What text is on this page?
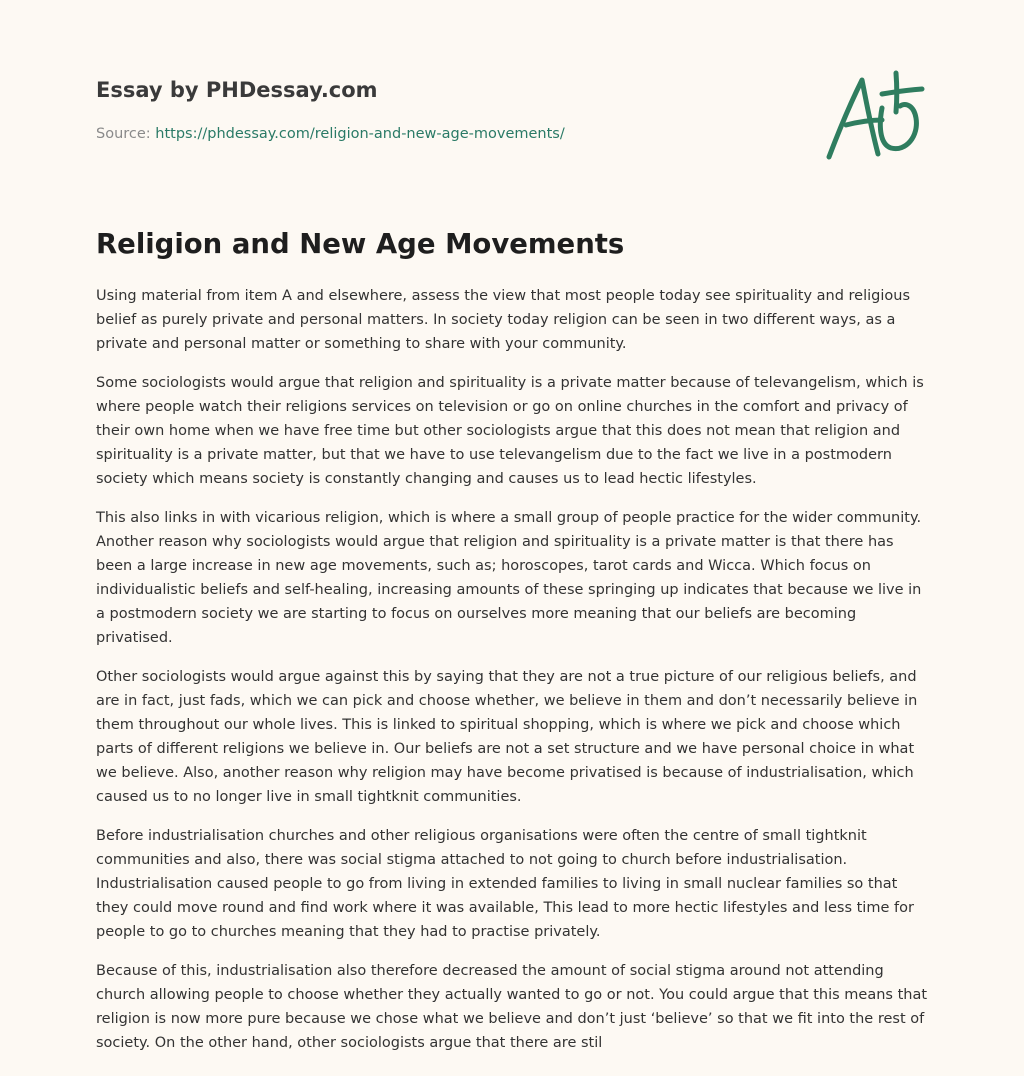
Essay by PHDessay.com
Source: https://phdessay.com/religion-and-new-age-movements/
Religion and New Age Movements

Using material from item A and elsewhere, assess the view that most people today see spirituality and religious belief as purely private and personal matters. In society today religion can be seen in two different ways, as a private and personal matter or something to share with your community.

Some sociologists would argue that religion and spirituality is a private matter because of televangelism, which is where people watch their religions services on television or go on online churches in the comfort and privacy of their own home when we have free time but other sociologists argue that this does not mean that religion and spirituality is a private matter, but that we have to use televangelism due to the fact we live in a postmodern society which means society is constantly changing and causes us to lead hectic lifestyles.

This also links in with vicarious religion, which is where a small group of people practice for the wider community. Another reason why sociologists would argue that religion and spirituality is a private matter is that there has been a large increase in new age movements, such as; horoscopes, tarot cards and Wicca. Which focus on individualistic beliefs and self-healing, increasing amounts of these springing up indicates that because we live in a postmodern society we are starting to focus on ourselves more meaning that our beliefs are becoming privatised.

Other sociologists would argue against this by saying that they are not a true picture of our religious beliefs, and are in fact, just fads, which we can pick and choose whether, we believe in them and don’t necessarily believe in them throughout our whole lives. This is linked to spiritual shopping, which is where we pick and choose which parts of different religions we believe in. Our beliefs are not a set structure and we have personal choice in what we believe. Also, another reason why religion may have become privatised is because of industrialisation, which caused us to no longer live in small tightknit communities.

Before industrialisation churches and other religious organisations were often the centre of small tightknit communities and also, there was social stigma attached to not going to church before industrialisation. Industrialisation caused people to go from living in extended families to living in small nuclear families so that they could move round and find work where it was available, This lead to more hectic lifestyles and less time for people to go to churches meaning that they had to practise privately.

Because of this, industrialisation also therefore decreased the amount of social stigma around not attending church allowing people to choose whether they actually wanted to go or not. You could argue that this means that religion is now more pure because we chose what we believe and don’t just ‘believe’ so that we fit into the rest of society. On the other hand, other sociologists argue that there are stil
